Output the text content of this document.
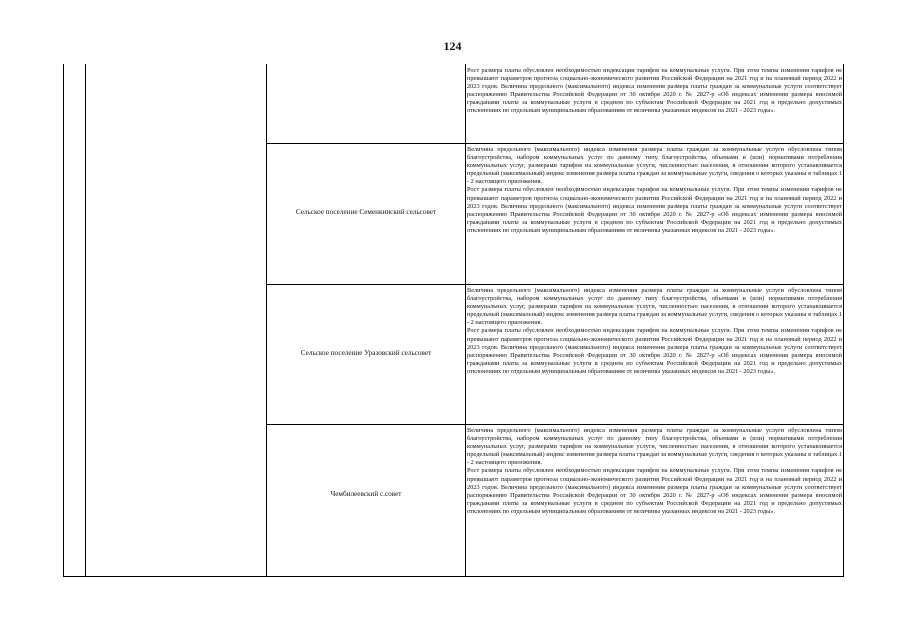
124
Рост размера платы обусловлен необходимостью индексации тарифов на коммунальные услуги. При этом темпы изменения тарифов не превышают параметров прогноза социально-экономического развития Российской Федерации на 2021 год и на плановый период 2022 и 2023 годов. Величина предельного (максимального) индекса изменения размера платы граждан за коммунальные услуги соответствует распоряжению Правительства Российской Федерации от 30 октября 2020 г. № 2827-р «Об индексах изменения размера вносимой гражданами платы за коммунальные услуги в среднем по субъектам Российской Федерации на 2021 год и предельно допустимых отклонениях по отдельным муниципальным образованиям от величины указанных индексов на 2021 - 2023 годы».
Сельское поселение Семенкинский сельсовет
Величина предельного (максимального) индекса изменения размера платы граждан за коммунальные услуги обусловлена типом благоустройства, набором коммунальных услуг по данному типу благоустройства, объемами и (или) нормативами потребления коммунальных услуг, размерами тарифов на коммунальные услуги, численностью населения, в отношении которого устанавливается предельный (максимальный) индекс изменения размера платы граждан за коммунальные услуги, сведения о которых указаны в таблицах 1 - 2 настоящего приложения.
Рост размера платы обусловлен необходимостью индексации тарифов на коммунальные услуги. При этом темпы изменения тарифов не превышают параметров прогноза социально-экономического развития Российской Федерации на 2021 год и на плановый период 2022 и 2023 годов. Величина предельного (максимального) индекса изменения размера платы граждан за коммунальные услуги соответствует распоряжению Правительства Российской Федерации от 30 октября 2020 г. № 2827-р «Об индексах изменения размера вносимой гражданами платы за коммунальные услуги в среднем по субъектам Российской Федерации на 2021 год и предельно допустимых отклонениях по отдельным муниципальным образованиям от величины указанных индексов на 2021 - 2023 годы».
Сельское поселение Уразовский сельсовет
Величина предельного (максимального) индекса изменения размера платы граждан за коммунальные услуги обусловлена типом благоустройства, набором коммунальных услуг по данному типу благоустройства, объемами и (или) нормативами потребления коммунальных услуг, размерами тарифов на коммунальные услуги, численностью населения, в отношении которого устанавливается предельный (максимальный) индекс изменения размера платы граждан за коммунальные услуги, сведения о которых указаны в таблицах 1 - 2 настоящего приложения.
Рост размера платы обусловлен необходимостью индексации тарифов на коммунальные услуги. При этом темпы изменения тарифов не превышают параметров прогноза социально-экономического развития Российской Федерации на 2021 год и на плановый период 2022 и 2023 годов. Величина предельного (максимального) индекса изменения размера платы граждан за коммунальные услуги соответствует распоряжению Правительства Российской Федерации от 30 октября 2020 г. № 2827-р «Об индексах изменения размера вносимой гражданами платы за коммунальные услуги в среднем по субъектам Российской Федерации на 2021 год и предельно допустимых отклонениях по отдельным муниципальным образованиям от величины указанных индексов на 2021 - 2023 годы».
Чембилеевский с.совет
Величина предельного (максимального) индекса изменения размера платы граждан за коммунальные услуги обусловлена типом благоустройства, набором коммунальных услуг по данному типу благоустройства, объемами и (или) нормативами потребления коммунальных услуг, размерами тарифов на коммунальные услуги, численностью населения, в отношении которого устанавливается предельный (максимальный) индекс изменения размера платы граждан за коммунальные услуги, сведения о которых указаны в таблицах 1 - 2 настоящего приложения.
Рост размера платы обусловлен необходимостью индексации тарифов на коммунальные услуги. При этом темпы изменения тарифов не превышают параметров прогноза социально-экономического развития Российской Федерации на 2021 год и на плановый период 2022 и 2023 годов. Величина предельного (максимального) индекса изменения размера платы граждан за коммунальные услуги соответствует распоряжению Правительства Российской Федерации от 30 октября 2020 г. № 2827-р «Об индексах изменения размера вносимой гражданами платы за коммунальные услуги в среднем по субъектам Российской Федерации на 2021 год и предельно допустимых отклонениях по отдельным муниципальным образованиям от величины указанных индексов на 2021 - 2023 годы».
